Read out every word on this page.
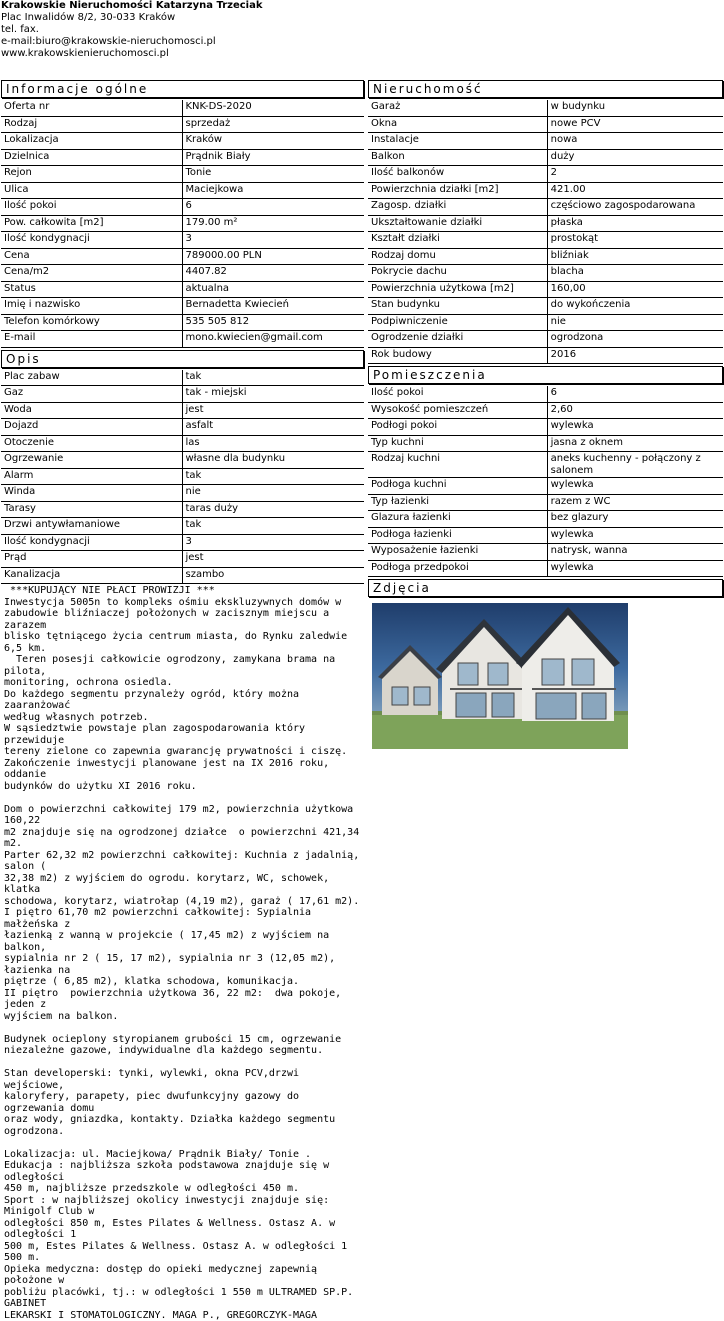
Krakowskie Nieruchomości Katarzyna Trzeciak
Plac Inwalidów 8/2, 30-033 Kraków
tel. fax.
e-mail:biuro@krakowskie-nieruchomosci.pl
www.krakowskienieruchomosci.pl
Informacje ogólne
Oferta nr	KNK-DS-2020
Rodzaj	sprzedaż
Lokalizacja	Kraków
Dzielnica	Prądnik Biały
Rejon	Tonie
Ulica	Maciejkowa
Ilość pokoi	6
Pow. całkowita [m2]	179.00 m²
Ilość kondygnacji	3
Cena	789000.00 PLN
Cena/m2	4407.82
Status	aktualna
Imię i nazwisko	Bernadetta Kwiecień
Telefon komórkowy	535 505 812
E-mail	mono.kwiecien@gmail.com
Opis
Plac zabaw	tak
Gaz	tak - miejski
Woda	jest
Dojazd	asfalt
Otoczenie	las
Ogrzewanie	własne dla budynku
Alarm	tak
Winda	nie
Tarasy	taras duży
Drzwi antywłamaniowe	tak
Ilość kondygnacji	3
Prąd	jest
Kanalizacja	szambo
***KUPUJĄCY NIE PŁACI PROWIZJI ***
Inwestycja 5005n to kompleks ośmiu ekskluzywnych domów w
zabudowie bliźniaczej położonych w zacisznym miejscu a zarazem
blisko tętniącego życia centrum miasta, do Rynku zaledwie 6,5 km.
Teren posesji całkowicie ogrodzony, zamykana brama na pilota,
monitoring, ochrona osiedla.
Do każdego segmentu przynależy ogród, który można zaaranżować
według własnych potrzeb.
W sąsiedztwie powstaje plan zagospodarowania który przewiduje
tereny zielone co zapewnia gwarancję prywatności i ciszę.
Zakończenie inwestycji planowane jest na IX 2016 roku, oddanie
budynków do użytku XI 2016 roku.

Dom o powierzchni całkowitej 179 m2, powierzchnia użytkowa 160,22
m2 znajduje się na ogrodzonej działce  o powierzchni 421,34 m2.
Parter 62,32 m2 powierzchni całkowitej: Kuchnia z jadalnią, salon (
32,38 m2) z wyjściem do ogrodu. korytarz, WC, schowek, klatka
schodowa, korytarz, wiatrołap (4,19 m2), garaż ( 17,61 m2).
I piętro 61,70 m2 powierzchni całkowitej: Sypialnia małżeńska z
łazienką z wanną w projekcie ( 17,45 m2) z wyjściem na balkon,
sypialnia nr 2 ( 15, 17 m2), sypialnia nr 3 (12,05 m2), łazienka na
piętrze ( 6,85 m2), klatka schodowa, komunikacja.
II piętro  powierzchnia użytkowa 36, 22 m2:  dwa pokoje, jeden z
wyjściem na balkon.

Budynek ocieplony styropianem grubości 15 cm, ogrzewanie
niezależne gazowe, indywidualne dla każdego segmentu.

Stan developerski: tynki, wylewki, okna PCV,drzwi wejściowe,
kaloryfery, parapety, piec dwufunkcyjny gazowy do ogrzewania domu
oraz wody, gniazdka, kontakty. Działka każdego segmentu
ogrodzona.

Lokalizacja: ul. Maciejkowa/ Prądnik Biały/ Tonie .
Edukacja : najbliższa szkoła podstawowa znajduje się w odległości
450 m, najbliższe przedszkole w odległości 450 m.
Sport : w najbliższej okolicy inwestycji znajduje się: Minigolf Club w
odległości 850 m, Estes Pilates & Wellness. Ostasz A. w odległości 1
500 m, Estes Pilates & Wellness. Ostasz A. w odległości 1 500 m.
Opieka medyczna: dostęp do opieki medycznej zapewnią położone w
pobliżu placówki, tj.: w odległości 1 550 m ULTRAMED SP.P. GABINET
LEKARSKI I STOMATOLOGICZNY. MAGA P., GREGORCZYK-MAGA
Nieruchomość
Garaż	w budynku
Okna	nowe PCV
Instalacje	nowa
Balkon	duży
Ilość balkonów	2
Powierzchnia działki [m2]	421.00
Zagosp. działki	częściowo zagospodarowana
Ukształtowanie działki	płaska
Kształt działki	prostokąt
Rodzaj domu	bliźniak
Pokrycie dachu	blacha
Powierzchnia użytkowa [m2]	160,00
Stan budynku	do wykończenia
Podpiwniczenie	nie
Ogrodzenie działki	ogrodzona
Rok budowy	2016
Pomieszczenia
Ilość pokoi	6
Wysokość pomieszczeń	2,60
Podłogi pokoi	wylewka
Typ kuchni	jasna z oknem
Rodzaj kuchni	aneks kuchenny - połączony z salonem
Podłoga kuchni	wylewka
Typ łazienki	razem z WC
Glazura łazienki	bez glazury
Podłoga łazienki	wylewka
Wyposażenie łazienki	natrysk, wanna
Podłoga przedpokoi	wylewka
Zdjęcia
